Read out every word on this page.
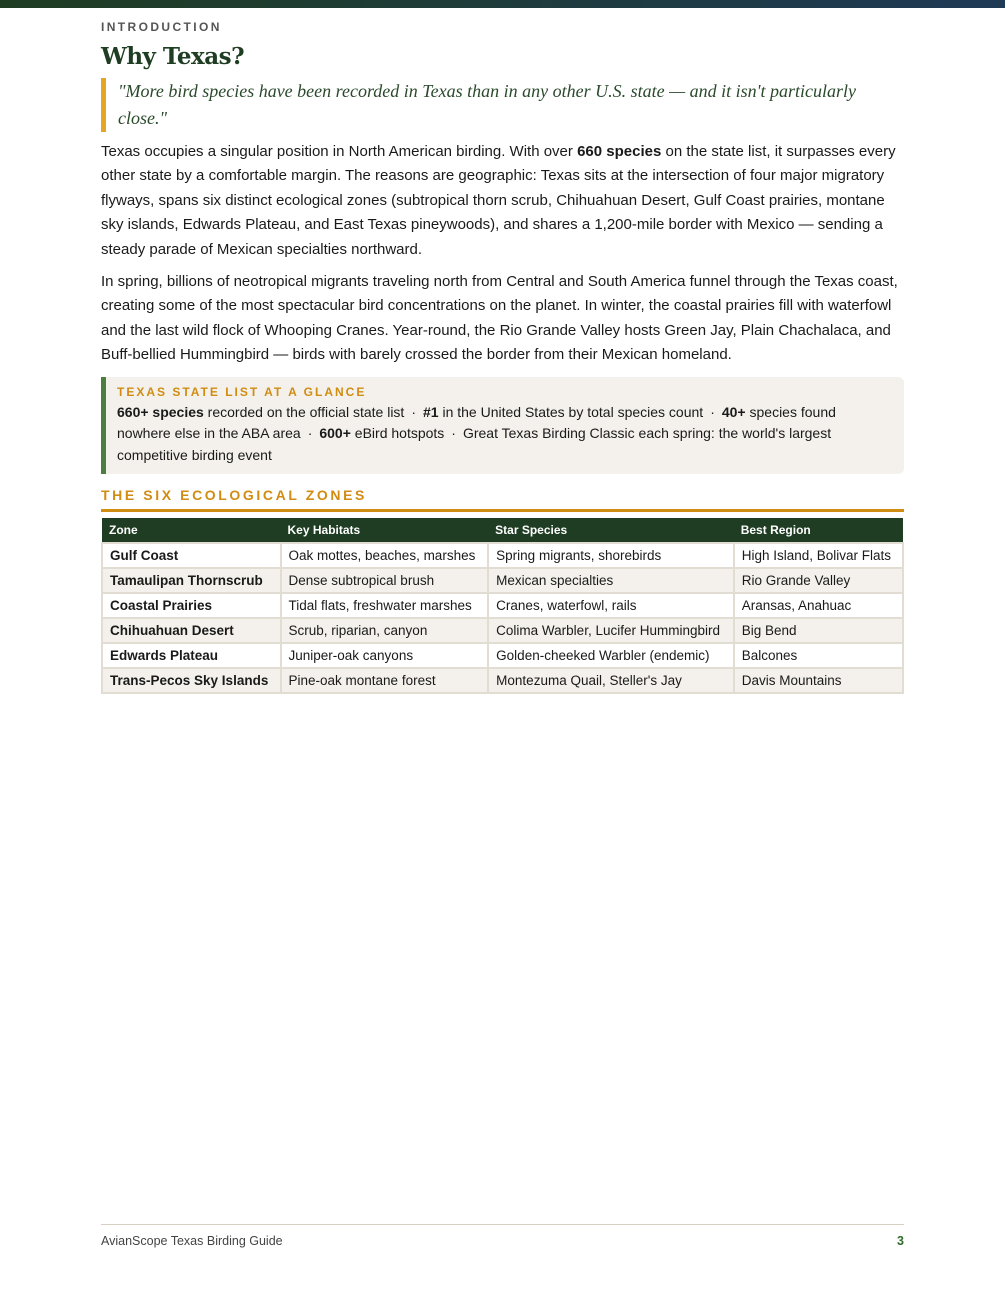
INTRODUCTION
Why Texas?
"More bird species have been recorded in Texas than in any other U.S. state — and it isn't particularly close."

Texas occupies a singular position in North American birding. With over 660 species on the state list, it surpasses every other state by a comfortable margin. The reasons are geographic: Texas sits at the intersection of four major migratory flyways, spans six distinct ecological zones (subtropical thorn scrub, Chihuahuan Desert, Gulf Coast prairies, montane sky islands, Edwards Plateau, and East Texas pineywoods), and shares a 1,200-mile border with Mexico — sending a steady parade of Mexican specialties northward.

In spring, billions of neotropical migrants traveling north from Central and South America funnel through the Texas coast, creating some of the most spectacular bird concentrations on the planet. In winter, the coastal prairies fill with waterfowl and the last wild flock of Whooping Cranes. Year-round, the Rio Grande Valley hosts Green Jay, Plain Chachalaca, and Buff-bellied Hummingbird — birds with barely crossed the border from their Mexican homeland.

TEXAS STATE LIST AT A GLANCE
660+ species recorded on the official state list · #1 in the United States by total species count · 40+ species found nowhere else in the ABA area · 600+ eBird hotspots · Great Texas Birding Classic each spring: the world's largest competitive birding event
THE SIX ECOLOGICAL ZONES
Zone	Key Habitats	Star Species	Best Region
Gulf Coast	Oak mottes, beaches, marshes	Spring migrants, shorebirds	High Island, Bolivar Flats
Tamaulipan Thornscrub	Dense subtropical brush	Mexican specialties	Rio Grande Valley
Coastal Prairies	Tidal flats, freshwater marshes	Cranes, waterfowl, rails	Aransas, Anahuac
Chihuahuan Desert	Scrub, riparian, canyon	Colima Warbler, Lucifer Hummingbird	Big Bend
Edwards Plateau	Juniper-oak canyons	Golden-cheeked Warbler (endemic)	Balcones
Trans-Pecos Sky Islands	Pine-oak montane forest	Montezuma Quail, Steller's Jay	Davis Mountains
AvianScope Texas Birding Guide	3
